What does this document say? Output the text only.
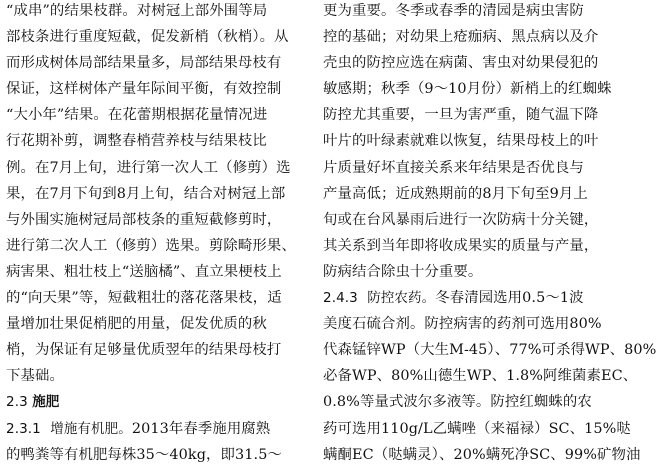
“成串”的结果枝群。对树冠上部外围等局
部枝条进行重度短截，促发新梢（秋梢）。从
而形成树体局部结果量多，局部结果母枝有
保证，这样树体产量年际间平衡，有效控制
“大小年”结果。在花蕾期根据花量情况进
行花期补剪，调整春梢营养枝与结果枝比
例。在7月上旬，进行第一次人工（修剪）选
果，在7月下旬到8月上旬，结合对树冠上部
与外围实施树冠局部枝条的重短截修剪时，
进行第二次人工（修剪）选果。剪除畸形果、
病害果、粗壮枝上“送脑橘”、直立果梗枝上
的“向天果”等，短截粗壮的落花落果枝，适
量增加壮果促梢肥的用量，促发优质的秋
梢，为保证有足够量优质翌年的结果母枝打
下基础。
2.3 施肥
2.3.1 增施有机肥。2013年春季施用腐熟
的鸭粪等有机肥每株35～40kg，即31.5～
更为重要。冬季或春季的清园是病虫害防
控的基础；对幼果上疮痂病、黑点病以及介
壳虫的防控应选在病菌、害虫对幼果侵犯的
敏感期；秋季（9～10月份）新梢上的红蜘蛛
防控尤其重要，一旦为害严重，随气温下降
叶片的叶绿素就难以恢复，结果母枝上的叶
片质量好坏直接关系来年结果是否优良与
产量高低；近成熟期前的8月下旬至9月上
旬或在台风暴雨后进行一次防病十分关键，
其关系到当年即将收成果实的质量与产量，
防病结合除虫十分重要。
2.4.3 防控农药。冬春清园选用0.5～1波
美度石硫合剂。防控病害的药剂可选用80%
代森锰锌WP（大生M-45）、77%可杀得WP、80%
必备WP、80%山德生WP、1.8%阿维菌素EC、
0.8%等量式波尔多液等。防控红蜘蛛的农
药可选用110g/L乙螨唑（来福禄）SC、15%哒
螨酮EC（哒螨灵）、20%螨死净SC、99%矿物油
